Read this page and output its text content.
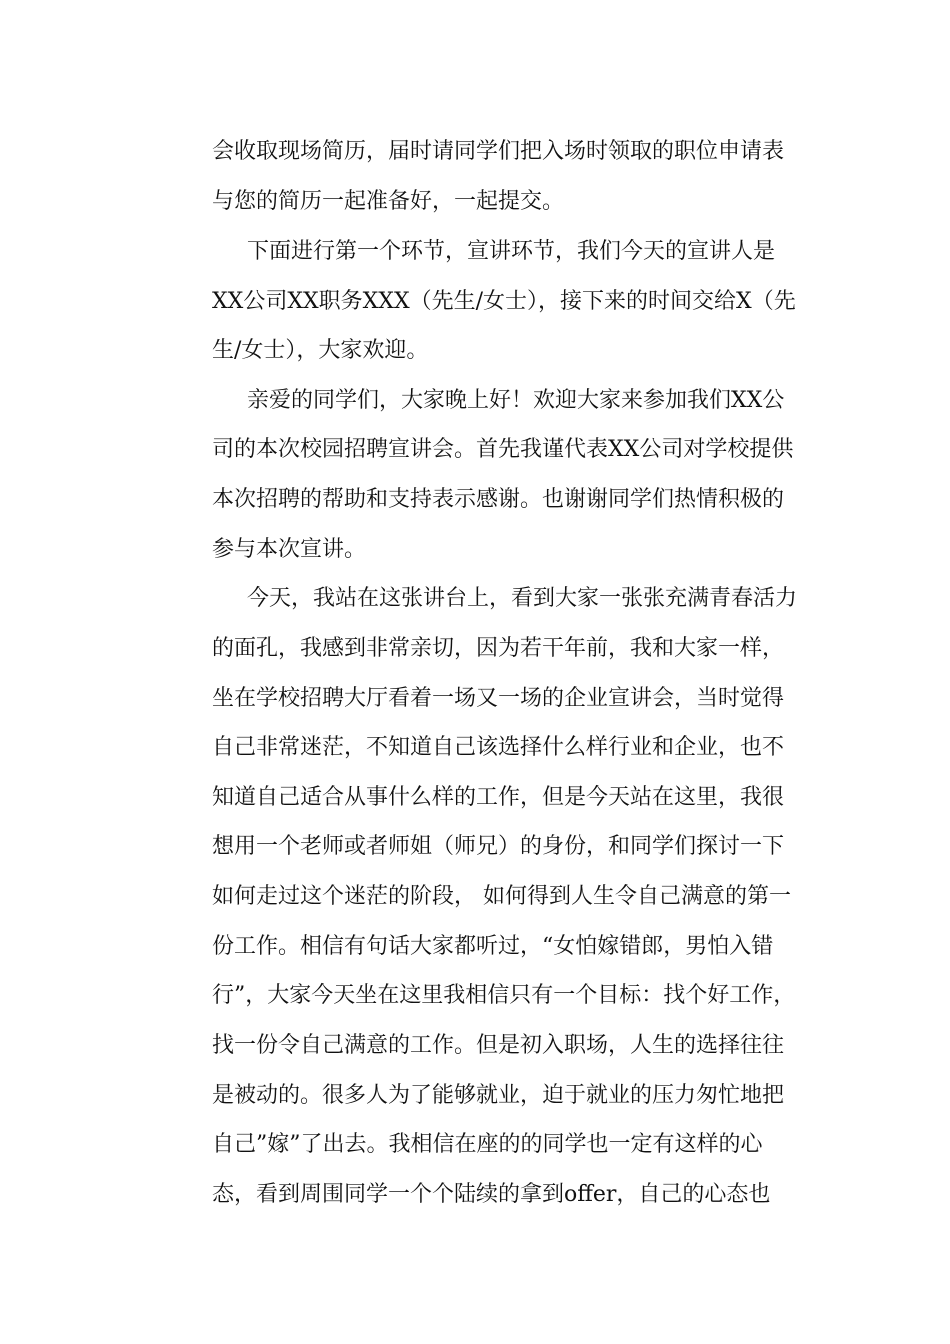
会收取现场简历，届时请同学们把入场时领取的职位申请表
与您的简历一起准备好，一起提交。
下面进行第一个环节，宣讲环节，我们今天的宣讲人是
XX公司XX职务XXX（先生/女士），接下来的时间交给X（先
生/女士），大家欢迎。
亲爱的同学们，大家晚上好！欢迎大家来参加我们XX公
司的本次校园招聘宣讲会。首先我谨代表XX公司对学校提供
本次招聘的帮助和支持表示感谢。也谢谢同学们热情积极的
参与本次宣讲。
今天，我站在这张讲台上，看到大家一张张充满青春活力
的面孔，我感到非常亲切，因为若干年前，我和大家一样，
坐在学校招聘大厅看着一场又一场的企业宣讲会，当时觉得
自己非常迷茫，不知道自己该选择什么样行业和企业，也不
知道自己适合从事什么样的工作，但是今天站在这里，我很
想用一个老师或者师姐（师兄）的身份，和同学们探讨一下
如何走过这个迷茫的阶段， 如何得到人生令自己满意的第一
份工作。相信有句话大家都听过，“女怕嫁错郎，男怕入错
行”，大家今天坐在这里我相信只有一个目标：找个好工作，
找一份令自己满意的工作。但是初入职场，人生的选择往往
是被动的。很多人为了能够就业，迫于就业的压力匆忙地把
自己”嫁”了出去。我相信在座的的同学也一定有这样的心
态，看到周围同学一个个陆续的拿到offer，自己的心态也
